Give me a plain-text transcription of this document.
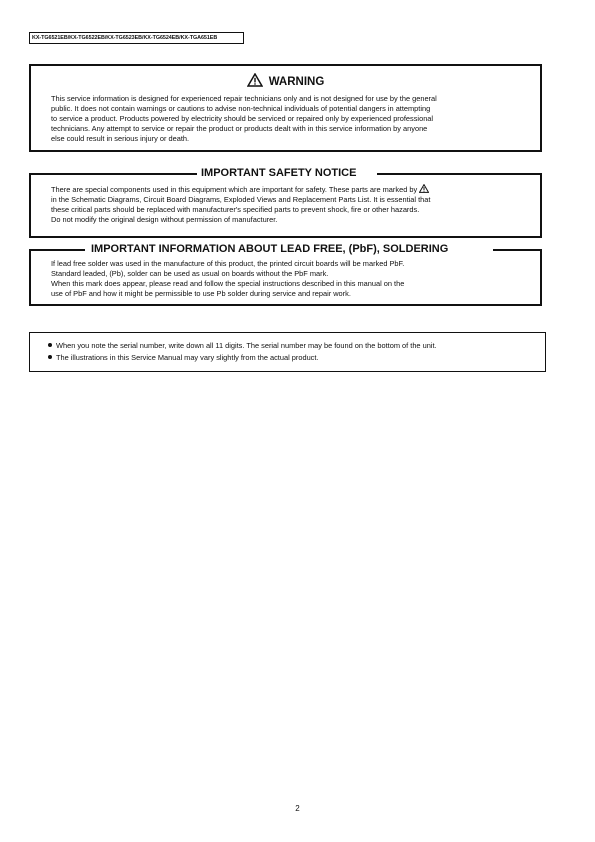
KX-TG6521EB/KX-TG6522EB/KX-TG6523EB/KX-TG6524EB/KX-TGA651EB
WARNING
This service information is designed for experienced repair technicians only and is not designed for use by the general
public. It does not contain warnings or cautions to advise non-technical individuals of potential dangers in attempting
to service a product. Products powered by electricity should be serviced or repaired only by experienced professional
technicians. Any attempt to service or repair the product or products dealt with in this service information by anyone
else could result in serious injury or death.
IMPORTANT SAFETY NOTICE
There are special components used in this equipment which are important for safety. These parts are marked by
in the Schematic Diagrams, Circuit Board Diagrams, Exploded Views and Replacement Parts List. It is essential that
these critical parts should be replaced with manufacturer's specified parts to prevent shock, fire or other hazards.
Do not modify the original design without permission of manufacturer.
IMPORTANT INFORMATION ABOUT LEAD FREE, (PbF), SOLDERING
If lead free solder was used in the manufacture of this product, the printed circuit boards will be marked PbF.
Standard leaded, (Pb), solder can be used as usual on boards without the PbF mark.
When this mark does appear, please read and follow the special instructions described in this manual on the
use of PbF and how it might be permissible to use Pb solder during service and repair work.
When you note the serial number, write down all 11 digits. The serial number may be found on the bottom of the unit.
The illustrations in this Service Manual may vary slightly from the actual product.
2
